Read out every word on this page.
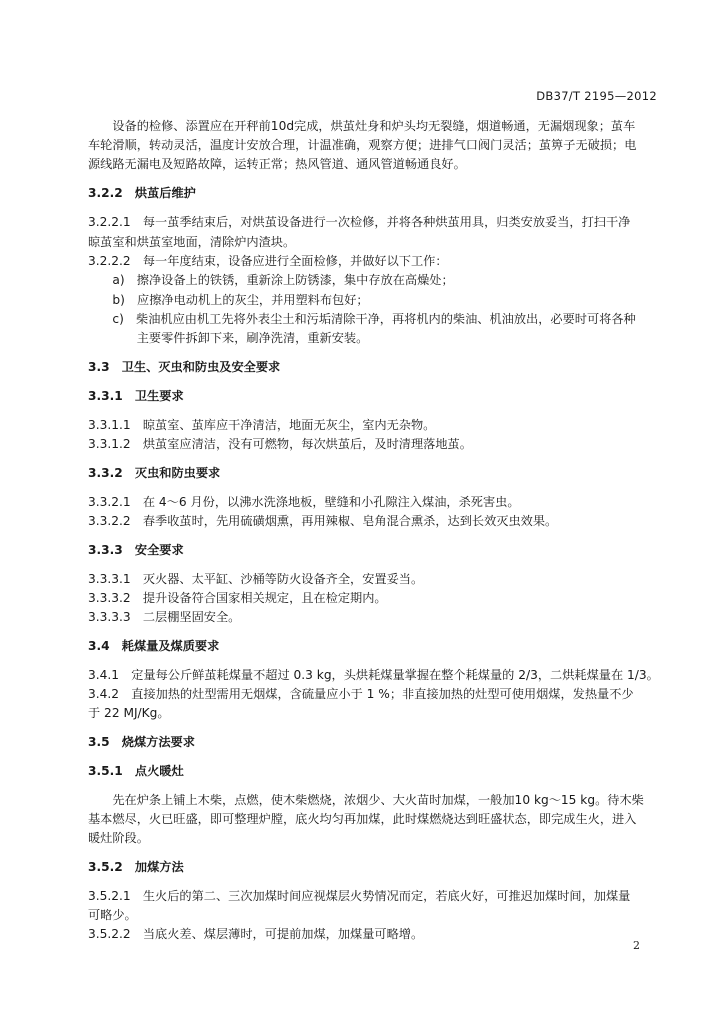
DB37/T 2195—2012
　　设备的检修、添置应在开秤前10d完成，烘茧灶身和炉头均无裂缝，烟道畅通，无漏烟现象；茧车
车轮滑顺，转动灵活，温度计安放合理，计温准确，观察方便；进排气口阀门灵活；茧箅子无破损；电
源线路无漏电及短路故障，运转正常；热风管道、通风管道畅通良好。
3.2.2　烘茧后维护
3.2.2.1　每一茧季结束后，对烘茧设备进行一次检修，并将各种烘茧用具，归类安放妥当，打扫干净
晾茧室和烘茧室地面，清除炉内渣块。
3.2.2.2　每一年度结束，设备应进行全面检修，并做好以下工作：
　　a)　擦净设备上的铁锈，重新涂上防锈漆，集中存放在高燥处；
　　b)　应擦净电动机上的灰尘，并用塑料布包好；
　　c)　柴油机应由机工先将外表尘土和污垢清除干净，再将机内的柴油、机油放出，必要时可将各种
　　　　主要零件拆卸下来，刷净洗清，重新安装。
3.3　卫生、灭虫和防虫及安全要求
3.3.1　卫生要求
3.3.1.1　晾茧室、茧库应干净清洁，地面无灰尘，室内无杂物。
3.3.1.2　烘茧室应清洁，没有可燃物，每次烘茧后，及时清理落地茧。
3.3.2　灭虫和防虫要求
3.3.2.1　在 4～6 月份，以沸水洗涤地板，壁缝和小孔隙注入煤油，杀死害虫。
3.3.2.2　春季收茧时，先用硫磺烟熏，再用辣椒、皂角混合熏杀，达到长效灭虫效果。
3.3.3　安全要求
3.3.3.1　灭火器、太平缸、沙桶等防火设备齐全，安置妥当。
3.3.3.2　提升设备符合国家相关规定，且在检定期内。
3.3.3.3　二层棚坚固安全。
3.4　耗煤量及煤质要求
3.4.1　定量每公斤鲜茧耗煤量不超过 0.3 kg，头烘耗煤量掌握在整个耗煤量的 2/3，二烘耗煤量在 1/3。
3.4.2　直接加热的灶型需用无烟煤，含硫量应小于 1 %；非直接加热的灶型可使用烟煤，发热量不少
于 22 MJ/Kg。
3.5　烧煤方法要求
3.5.1　点火暖灶
　　先在炉条上铺上木柴，点燃，使木柴燃烧，浓烟少、大火苗时加煤，一般加10 kg～15 kg。待木柴
基本燃尽，火已旺盛，即可整理炉膛，底火均匀再加煤，此时煤燃烧达到旺盛状态，即完成生火，进入
暖灶阶段。
3.5.2　加煤方法
3.5.2.1　生火后的第二、三次加煤时间应视煤层火势情况而定，若底火好，可推迟加煤时间，加煤量
可略少。
3.5.2.2　当底火差、煤层薄时，可提前加煤，加煤量可略增。
2
